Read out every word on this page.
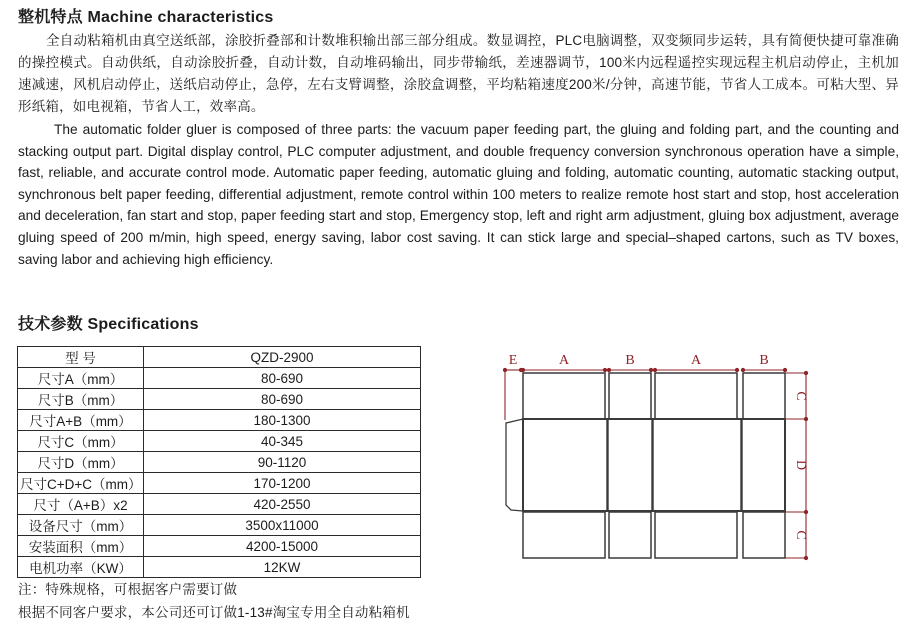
整机特点 Machine characteristics
全自动粘箱机由真空送纸部，涂胶折叠部和计数堆积输出部三部分组成。数显调控，PLC电脑调整，双变频同步运转，具有简便快捷可靠准确的操控模式。自动供纸，自动涂胶折叠，自动计数，自动堆码输出，同步带输纸，差速器调节，100米内远程遥控实现远程主机启动停止，主机加速减速，风机启动停止，送纸启动停止，急停，左右支臂调整，涂胶盒调整，平均粘箱速度200米/分钟，高速节能，节省人工成本。可粘大型、异形纸箱，如电视箱，节省人工，效率高。
The automatic folder gluer is composed of three parts: the vacuum paper feeding part, the gluing and folding part, and the counting and stacking output part. Digital display control, PLC computer adjustment, and double frequency conversion synchronous operation have a simple, fast, reliable, and accurate control mode. Automatic paper feeding, automatic gluing and folding, automatic counting, automatic stacking output, synchronous belt paper feeding, differential adjustment, remote control within 100 meters to realize remote host start and stop, host acceleration and deceleration, fan start and stop, paper feeding start and stop, Emergency stop, left and right arm adjustment, gluing box adjustment, average gluing speed of 200 m/min, high speed, energy saving, labor cost saving. It can stick large and special–shaped cartons, such as TV boxes, saving labor and achieving high efficiency.
技术参数 Specifications
型 号	QZD-2900
尺寸A（mm）	80-690
尺寸B（mm）	80-690
尺寸A+B（mm）	180-1300
尺寸C（mm）	40-345
尺寸D（mm）	90-1120
尺寸C+D+C（mm）	170-1200
尺寸（A+B）x2	420-2550
设备尺寸（mm）	3500x11000
安装面积（mm）	4200-15000
电机功率（KW）	12KW
注：特殊规格，可根据客户需要订做
根据不同客户要求，本公司还可订做1-13#淘宝专用全自动粘箱机
E	A	B	A	B
C
D
C
